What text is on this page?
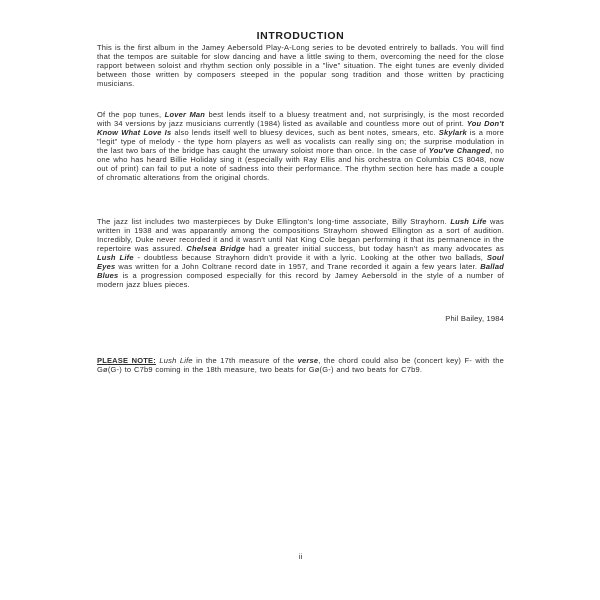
INTRODUCTION

This is the first album in the Jamey Aebersold Play-A-Long series to be devoted entrirely to ballads. You will find that the tempos are suitable for slow dancing and have a little swing to them, overcoming the need for the close rapport between soloist and rhythm section only possible in a "live" situation. The eight tunes are evenly divided between those written by composers steeped in the popular song tradition and those written by practicing musicians.

Of the pop tunes, Lover Man best lends itself to a bluesy treatment and, not surprisingly, is the most recorded with 34 versions by jazz musicians currently (1984) listed as available and countless more out of print. You Don't Know What Love Is also lends itself well to bluesy devices, such as bent notes, smears, etc. Skylark is a more "legit" type of melody - the type horn players as well as vocalists can really sing on; the surprise modulation in the last two bars of the bridge has caught the unwary soloist more than once. In the case of You've Changed, no one who has heard Billie Holiday sing it (especially with Ray Ellis and his orchestra on Columbia CS 8048, now out of print) can fail to put a note of sadness into their performance. The rhythm section here has made a couple of chromatic alterations from the original chords.

The jazz list includes two masterpieces by Duke Ellington's long-time associate, Billy Strayhorn. Lush Life was written in 1938 and was apparantly among the compositions Strayhorn showed Ellington as a sort of audition. Incredibly, Duke never recorded it and it wasn't until Nat King Cole began performing it that its permanence in the repertoire was assured. Chelsea Bridge had a greater initial success, but today hasn't as many advocates as Lush Life - doubtless because Strayhorn didn't provide it with a lyric. Looking at the other two ballads, Soul Eyes was written for a John Coltrane record date in 1957, and Trane recorded it again a few years later. Ballad Blues is a progression composed especially for this record by Jamey Aebersold in the style of a number of modern jazz blues pieces.

Phil Bailey, 1984

PLEASE NOTE: Lush Life in the 17th measure of the verse, the chord could also be (concert key) F- with the Gø(G-) to C7b9 coming in the 18th measure, two beats for Gø(G-) and two beats for C7b9.

ii
